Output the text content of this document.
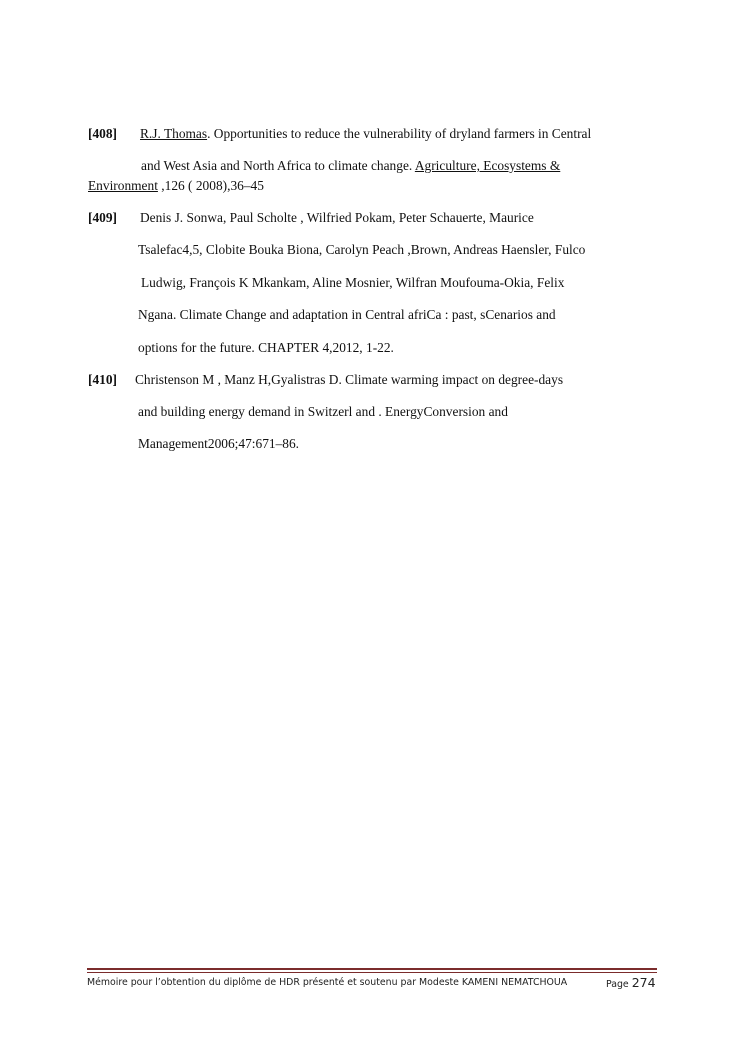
[408] R.J. Thomas. Opportunities to reduce the vulnerability of dryland farmers in Central
and West Asia and North Africa to climate change. Agriculture, Ecosystems &
Environment ,126 ( 2008),36–45
[409] Denis J. Sonwa, Paul Scholte , Wilfried Pokam, Peter Schauerte, Maurice
Tsalefac4,5, Clobite Bouka Biona, Carolyn Peach ,Brown, Andreas Haensler, Fulco
Ludwig, François K Mkankam, Aline Mosnier, Wilfran Moufouma-Okia, Felix
Ngana. Climate Change and adaptation in Central afriCa : past, sCenarios and
options for the future. CHAPTER 4,2012, 1-22.
[410] Christenson M , Manz H,Gyalistras D. Climate warming impact on degree-days
and building energy demand in Switzerl and . EnergyConversion and
Management2006;47:671–86.
Mémoire pour l’obtention du diplôme de HDR présenté et soutenu par Modeste KAMENI NEMATCHOUA	Page 274
